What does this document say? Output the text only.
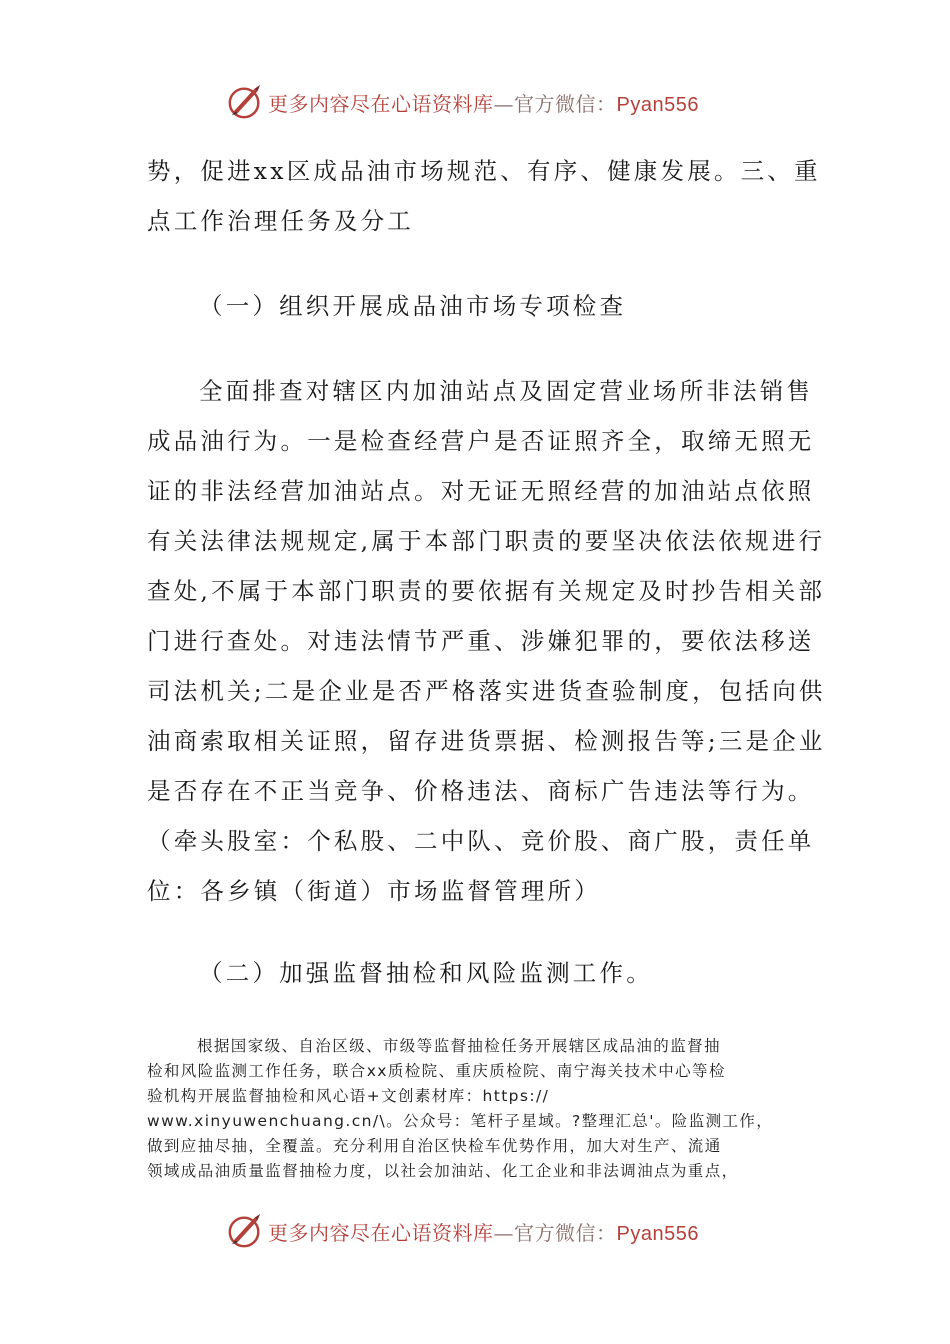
更多内容尽在心语资料库—官方微信：Pyan556
势，促进xx区成品油市场规范、有序、健康发展。三、重
点工作治理任务及分工
（一）组织开展成品油市场专项检查
全面排查对辖区内加油站点及固定营业场所非法销售
成品油行为。一是检查经营户是否证照齐全，取缔无照无
证的非法经营加油站点。对无证无照经营的加油站点依照
有关法律法规规定,属于本部门职责的要坚决依法依规进行
查处,不属于本部门职责的要依据有关规定及时抄告相关部
门进行查处。对违法情节严重、涉嫌犯罪的，要依法移送
司法机关;二是企业是否严格落实进货查验制度，包括向供
油商索取相关证照，留存进货票据、检测报告等;三是企业
是否存在不正当竞争、价格违法、商标广告违法等行为。
（牵头股室：个私股、二中队、竞价股、商广股，责任单
位：各乡镇（街道）市场监督管理所）
（二）加强监督抽检和风险监测工作。
根据国家级、自治区级、市级等监督抽检任务开展辖区成品油的监督抽
检和风险监测工作任务，联合xx质检院、重庆质检院、南宁海关技术中心等检
验机构开展监督抽检和风心语+文创素材库：https://
www.xinyuwenchuang.cn/\。公众号：笔杆子星域。?整理汇总'。险监测工作，
做到应抽尽抽，全覆盖。充分利用自治区快检车优势作用，加大对生产、流通
领域成品油质量监督抽检力度，以社会加油站、化工企业和非法调油点为重点，
更多内容尽在心语资料库—官方微信：Pyan556
